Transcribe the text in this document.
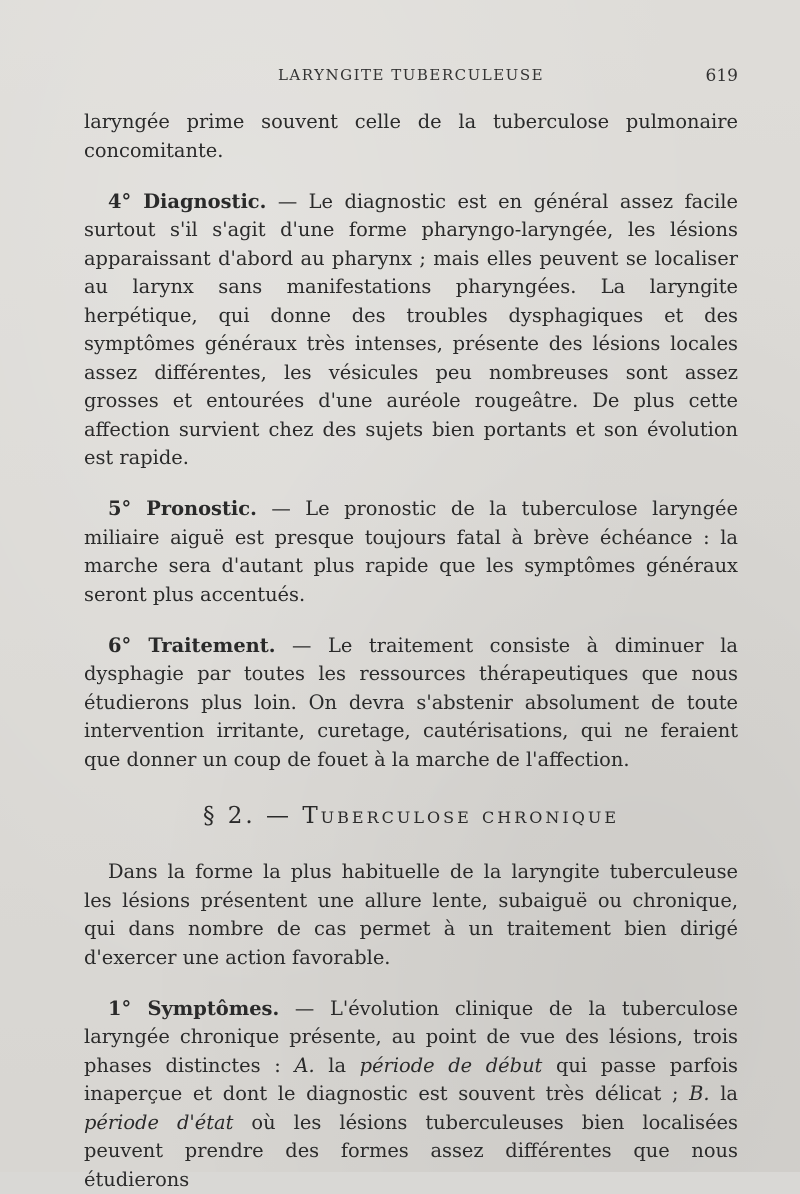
LARYNGITE TUBERCULEUSE	619

laryngée prime souvent celle de la tuberculose pulmonaire concomitante.

4° Diagnostic. — Le diagnostic est en général assez facile surtout s'il s'agit d'une forme pharyngo-laryngée, les lésions apparaissant d'abord au pharynx ; mais elles peuvent se localiser au larynx sans manifestations pharyngées. La laryngite herpétique, qui donne des troubles dysphagiques et des symptômes généraux très intenses, présente des lésions locales assez différentes, les vésicules peu nombreuses sont assez grosses et entourées d'une auréole rougeâtre. De plus cette affection survient chez des sujets bien portants et son évolution est rapide.

5° Pronostic. — Le pronostic de la tuberculose laryngée miliaire aiguë est presque toujours fatal à brève échéance : la marche sera d'autant plus rapide que les symptômes généraux seront plus accentués.

6° Traitement. — Le traitement consiste à diminuer la dysphagie par toutes les ressources thérapeutiques que nous étudierons plus loin. On devra s'abstenir absolument de toute intervention irritante, curetage, cautérisations, qui ne feraient que donner un coup de fouet à la marche de l'affection.

§ 2. — Tuberculose chronique

Dans la forme la plus habituelle de la laryngite tuberculeuse les lésions présentent une allure lente, subaiguë ou chronique, qui dans nombre de cas permet à un traitement bien dirigé d'exercer une action favorable.

1° Symptômes. — L'évolution clinique de la tuberculose laryngée chronique présente, au point de vue des lésions, trois phases distinctes : A. la période de début qui passe parfois inaperçue et dont le diagnostic est souvent très délicat ; B. la période d'état où les lésions tuberculeuses bien localisées peuvent prendre des formes assez différentes que nous étudierons
